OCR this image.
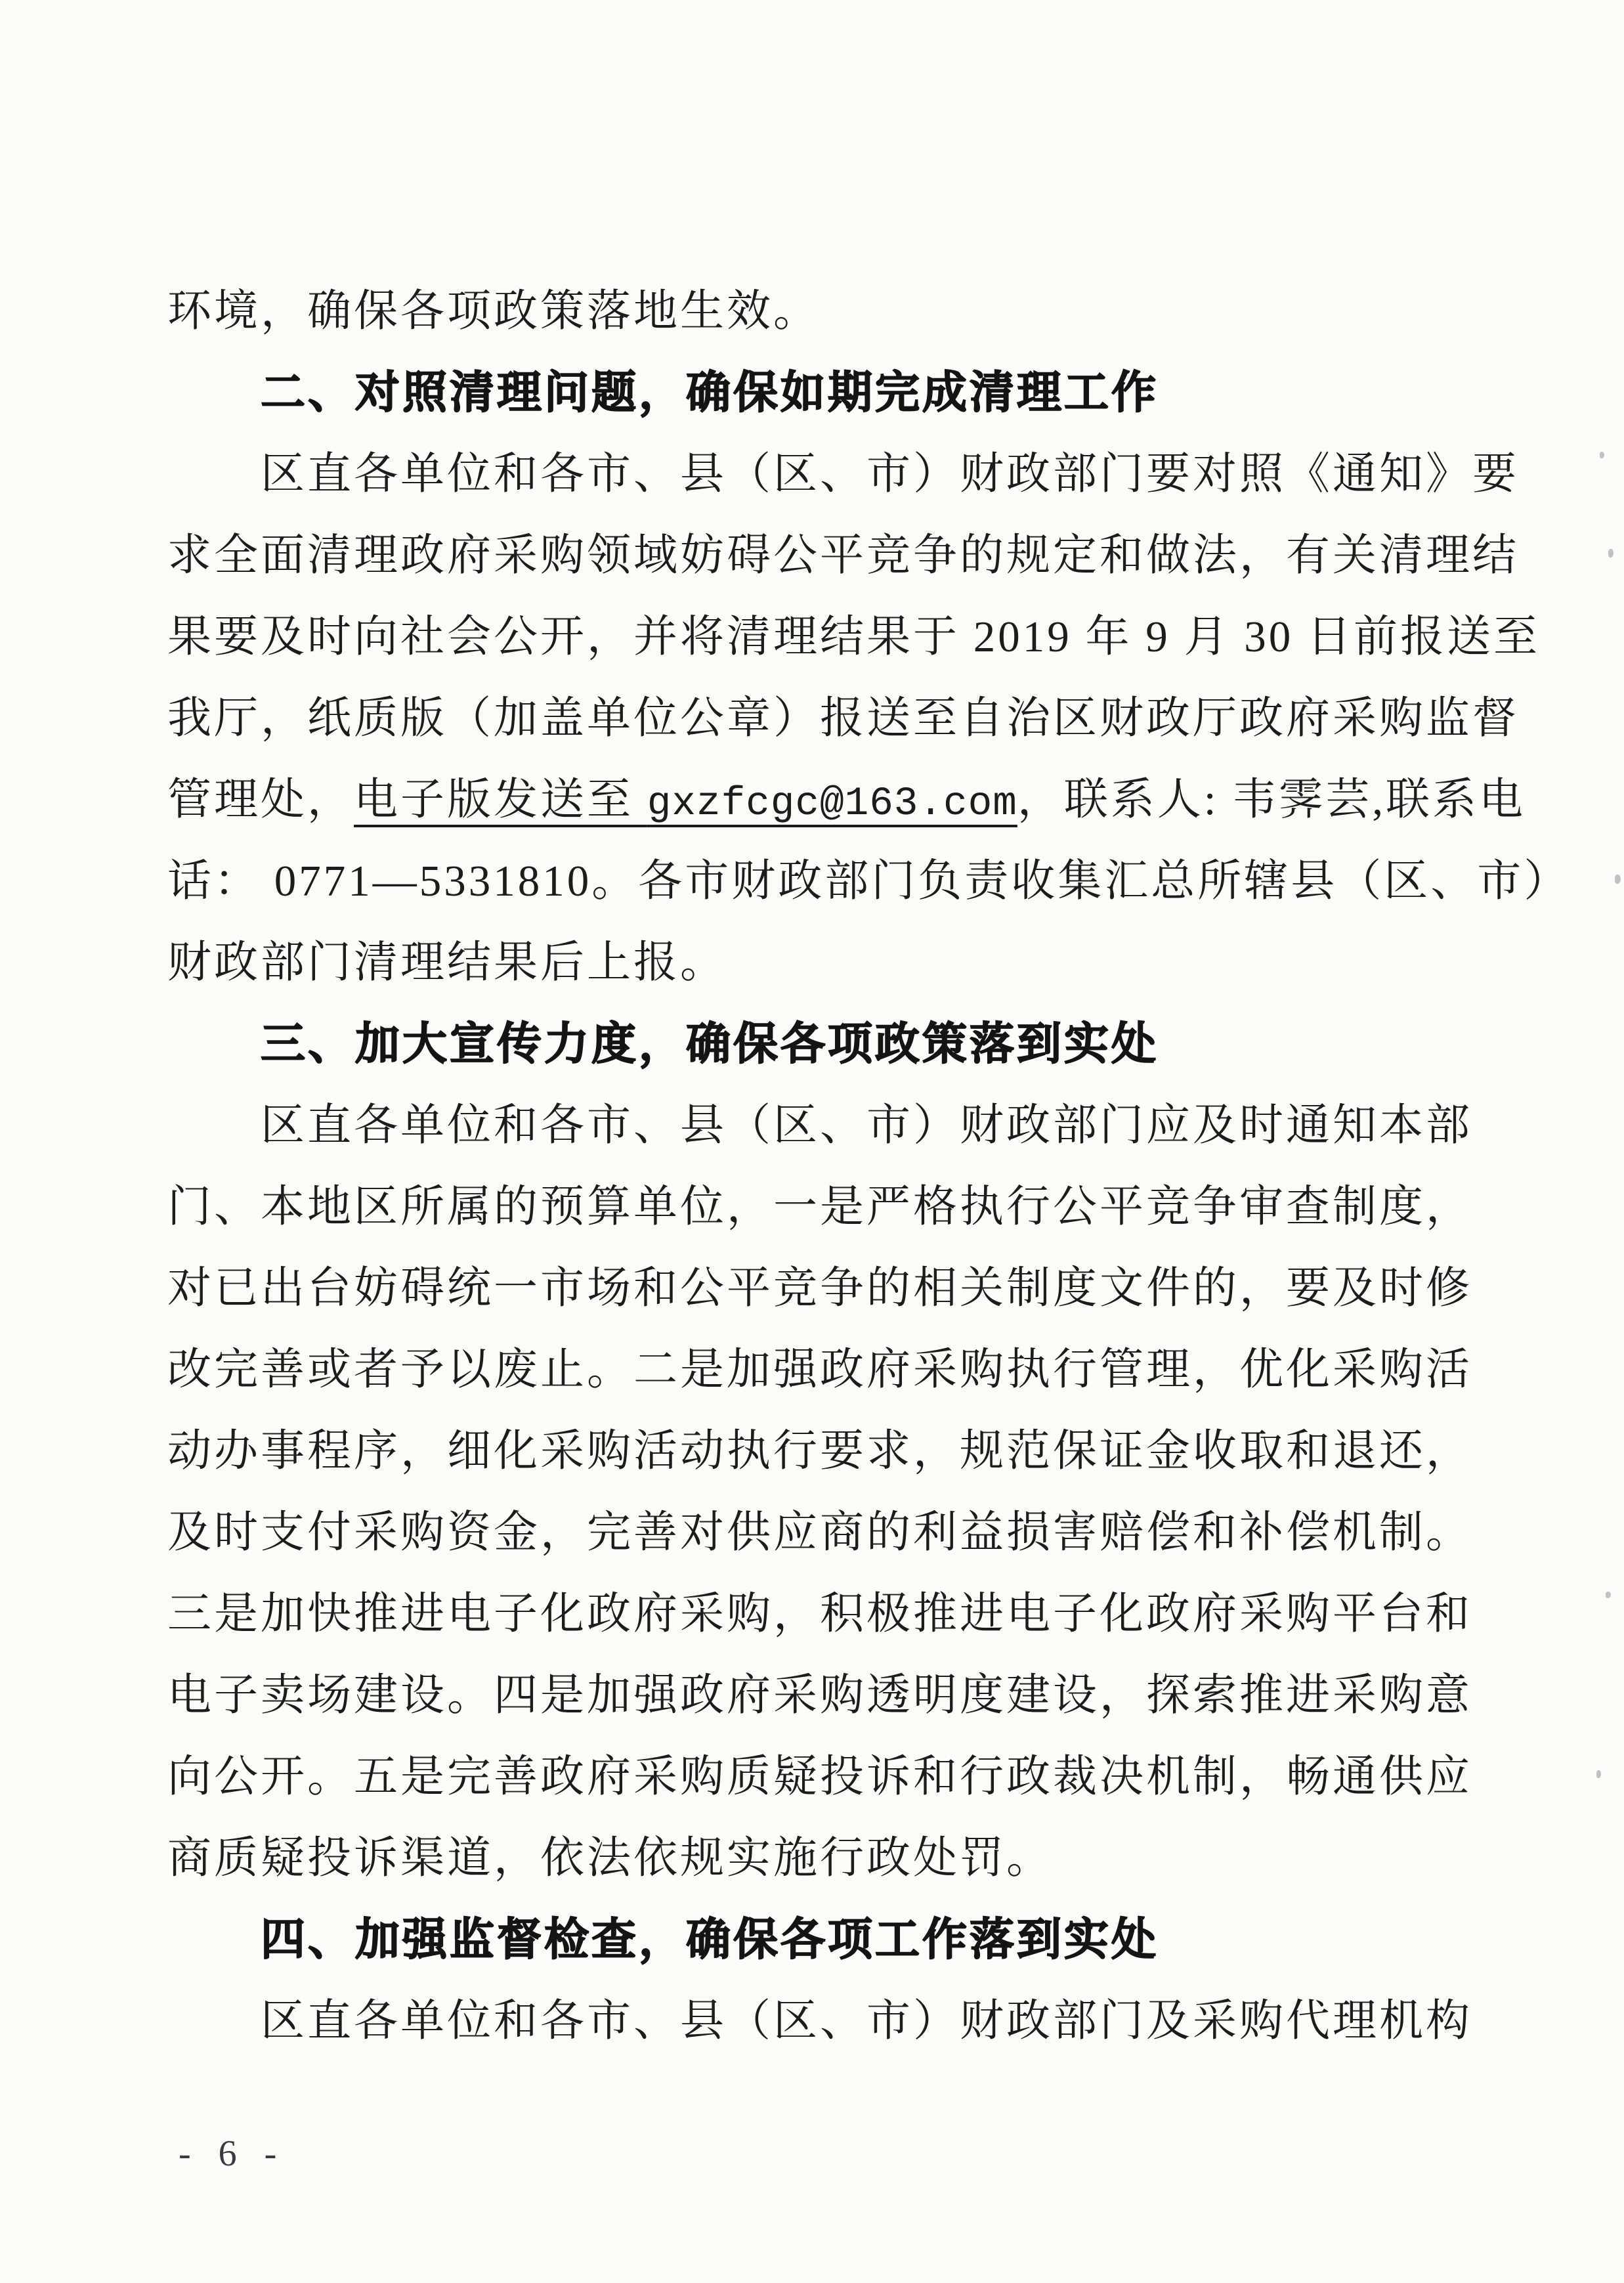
环境，确保各项政策落地生效。
二、对照清理问题，确保如期完成清理工作
区直各单位和各市、县（区、市）财政部门要对照《通知》要
求全面清理政府采购领域妨碍公平竞争的规定和做法，有关清理结
果要及时向社会公开，并将清理结果于 2019 年 9 月 30 日前报送至
我厅，纸质版（加盖单位公章）报送至自治区财政厅政府采购监督
管理处，电子版发送至 gxzfcgc@163.com，联系人: 韦霁芸,联系电
话： 0771—5331810。各市财政部门负责收集汇总所辖县（区、市）
财政部门清理结果后上报。
三、加大宣传力度，确保各项政策落到实处
区直各单位和各市、县（区、市）财政部门应及时通知本部
门、本地区所属的预算单位，一是严格执行公平竞争审查制度，
对已出台妨碍统一市场和公平竞争的相关制度文件的，要及时修
改完善或者予以废止。二是加强政府采购执行管理，优化采购活
动办事程序，细化采购活动执行要求，规范保证金收取和退还，
及时支付采购资金，完善对供应商的利益损害赔偿和补偿机制。
三是加快推进电子化政府采购，积极推进电子化政府采购平台和
电子卖场建设。四是加强政府采购透明度建设，探索推进采购意
向公开。五是完善政府采购质疑投诉和行政裁决机制，畅通供应
商质疑投诉渠道，依法依规实施行政处罚。
四、加强监督检查，确保各项工作落到实处
区直各单位和各市、县（区、市）财政部门及采购代理机构
- 6 -
